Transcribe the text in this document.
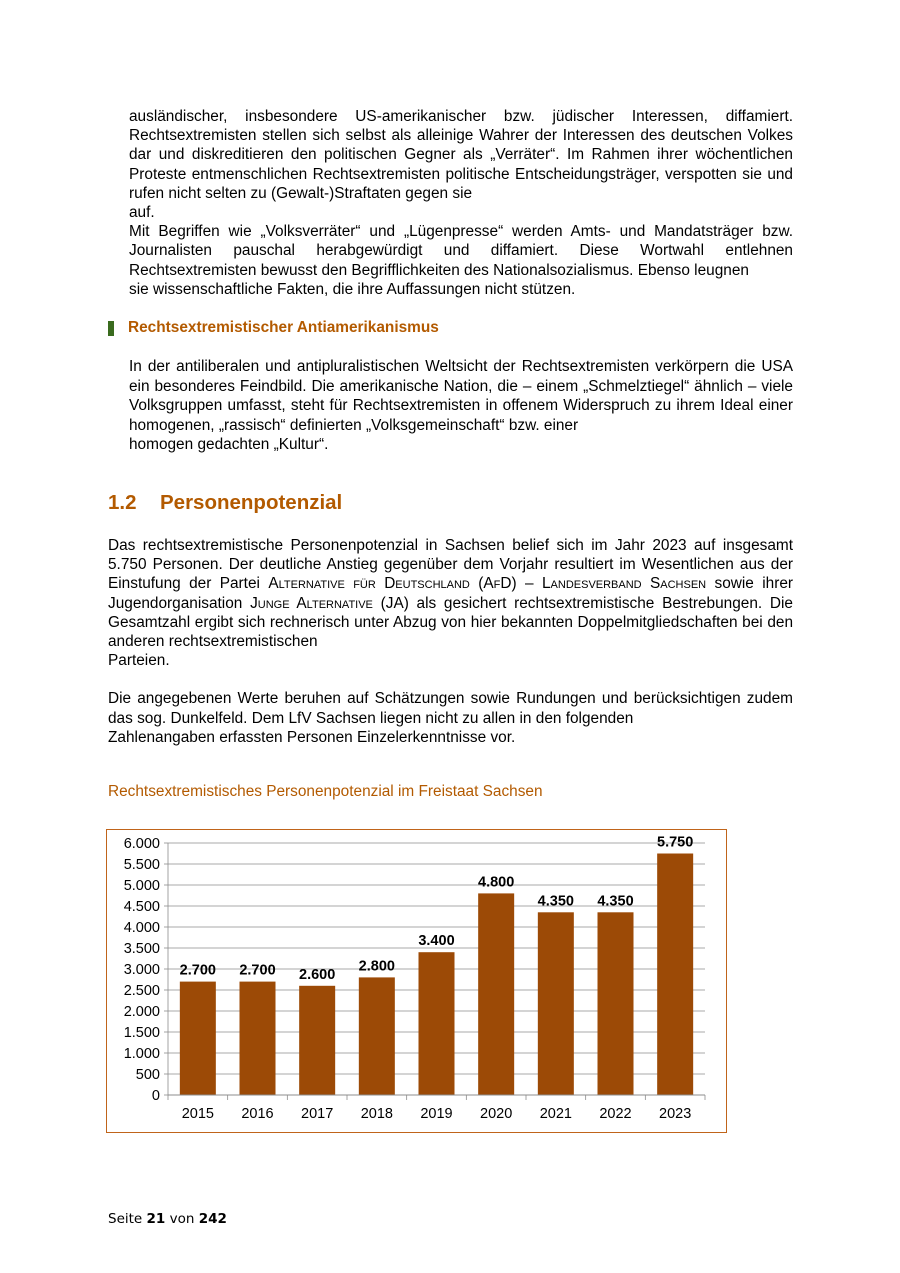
ausländischer, insbesondere US-amerikanischer bzw. jüdischer Interessen, diffamiert. Rechtsextremisten stellen sich selbst als alleinige Wahrer der Interessen des deutschen Volkes dar und diskreditieren den politischen Gegner als „Verräter“. Im Rahmen ihrer wöchentlichen Proteste entmenschlichen Rechtsextremisten politische Entscheidungsträger, verspotten sie und rufen nicht selten zu (Gewalt-)Straftaten gegen sie
auf.

Mit Begriffen wie „Volksverräter“ und „Lügenpresse“ werden Amts- und Mandatsträger bzw. Journalisten pauschal herabgewürdigt und diffamiert. Diese Wortwahl entlehnen Rechtsextremisten bewusst den Begrifflichkeiten des Nationalsozialismus. Ebenso leugnen
sie wissenschaftliche Fakten, die ihre Auffassungen nicht stützen.

Rechtsextremistischer Antiamerikanismus

In der antiliberalen und antipluralistischen Weltsicht der Rechtsextremisten verkörpern die USA ein besonderes Feindbild. Die amerikanische Nation, die – einem „Schmelztiegel“ ähnlich – viele Volksgruppen umfasst, steht für Rechtsextremisten in offenem Widerspruch zu ihrem Ideal einer homogenen, „rassisch“ definierten „Volksgemeinschaft“ bzw. einer
homogen gedachten „Kultur“.

1.2 Personenpotenzial

Das rechtsextremistische Personenpotenzial in Sachsen belief sich im Jahr 2023 auf insgesamt 5.750 Personen. Der deutliche Anstieg gegenüber dem Vorjahr resultiert im Wesentlichen aus der Einstufung der Partei Alternative für Deutschland (AfD) – Landesverband Sachsen sowie ihrer Jugendorganisation Junge Alternative (JA) als gesichert rechtsextremistische Bestrebungen. Die Gesamtzahl ergibt sich rechnerisch unter Abzug von hier bekannten Doppelmitgliedschaften bei den anderen rechtsextremistischen
Parteien.

Die angegebenen Werte beruhen auf Schätzungen sowie Rundungen und berücksichtigen zudem das sog. Dunkelfeld. Dem LfV Sachsen liegen nicht zu allen in den folgenden
Zahlenangaben erfassten Personen Einzelerkenntnisse vor.

Rechtsextremistisches Personenpotenzial im Freistaat Sachsen
0
500
1.000
1.500
2.000
2.500
3.000
3.500
4.000
4.500
5.000
5.500
6.000
2.700
2015
2.700
2016
2.600
2017
2.800
2018
3.400
2019
4.800
2020
4.350
2021
4.350
2022
5.750
2023
Seite 21 von 242
